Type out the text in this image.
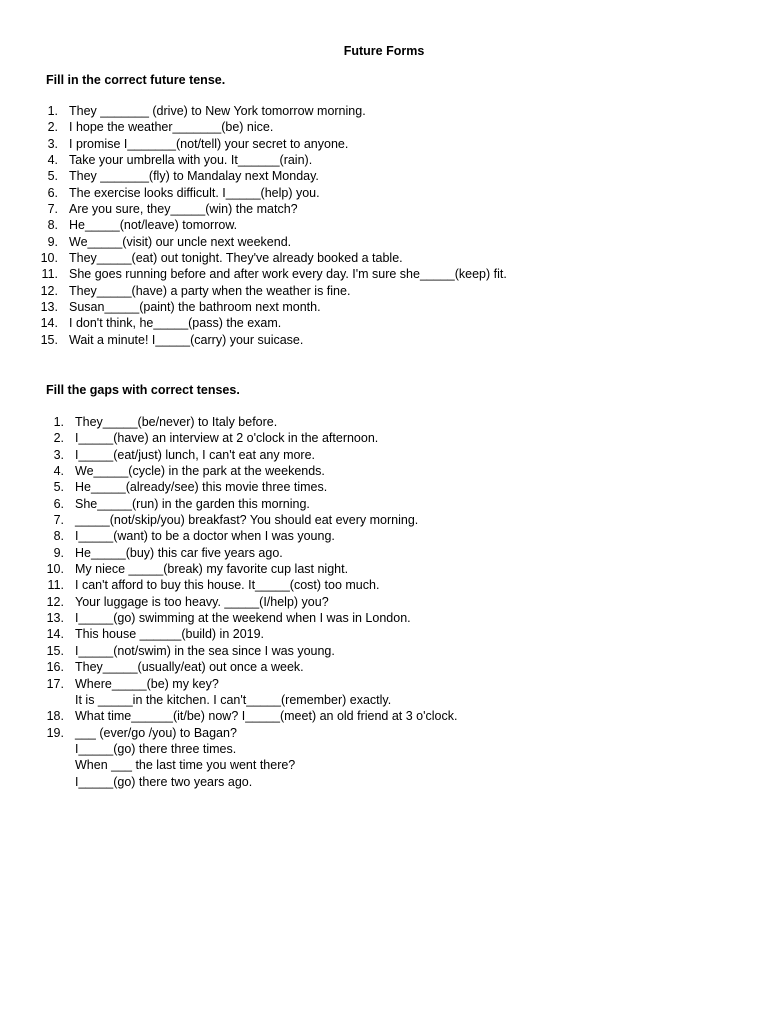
Future Forms
Fill in the correct future tense.
1. They _______ (drive) to New York tomorrow morning.
2. I hope the weather_______(be) nice.
3. I promise I_______(not/tell) your secret to anyone.
4. Take your umbrella with you. It______(rain).
5. They _______(fly) to Mandalay next Monday.
6. The exercise looks difficult. I_____(help) you.
7. Are you sure, they_____(win) the match?
8. He_____(not/leave) tomorrow.
9. We_____(visit) our uncle next weekend.
10. They_____(eat) out tonight. They've already booked a table.
11. She goes running before and after work every day. I'm sure she_____(keep) fit.
12. They_____(have) a party when the weather is fine.
13. Susan_____(paint) the bathroom next month.
14. I don't think, he_____(pass) the exam.
15. Wait a minute! I_____(carry) your suicase.
Fill the gaps with correct tenses.
1. They_____(be/never) to Italy before.
2. I_____(have) an interview at 2 o'clock in the afternoon.
3. I_____(eat/just) lunch, I can't eat any more.
4. We_____(cycle) in the park at the weekends.
5. He_____(already/see) this movie three times.
6. She_____(run) in the garden this morning.
7. _____(not/skip/you) breakfast? You should eat every morning.
8. I_____(want) to be a doctor when I was young.
9. He_____(buy) this car five years ago.
10. My niece _____(break) my favorite cup last night.
11. I can't afford to buy this house. It_____(cost) too much.
12. Your luggage is too heavy. _____(I/help) you?
13. I_____(go) swimming at the weekend when I was in London.
14. This house ______(build) in 2019.
15. I_____(not/swim) in the sea since I was young.
16. They_____(usually/eat) out once a week.
17. Where_____(be) my key?
It is _____in the kitchen. I can't_____(remember) exactly.
18. What time______(it/be) now? I_____(meet) an old friend at 3 o'clock.
19. ___ (ever/go /you) to Bagan?
I_____(go) there three times.
When ___ the last time you went there?
I_____(go) there two years ago.
